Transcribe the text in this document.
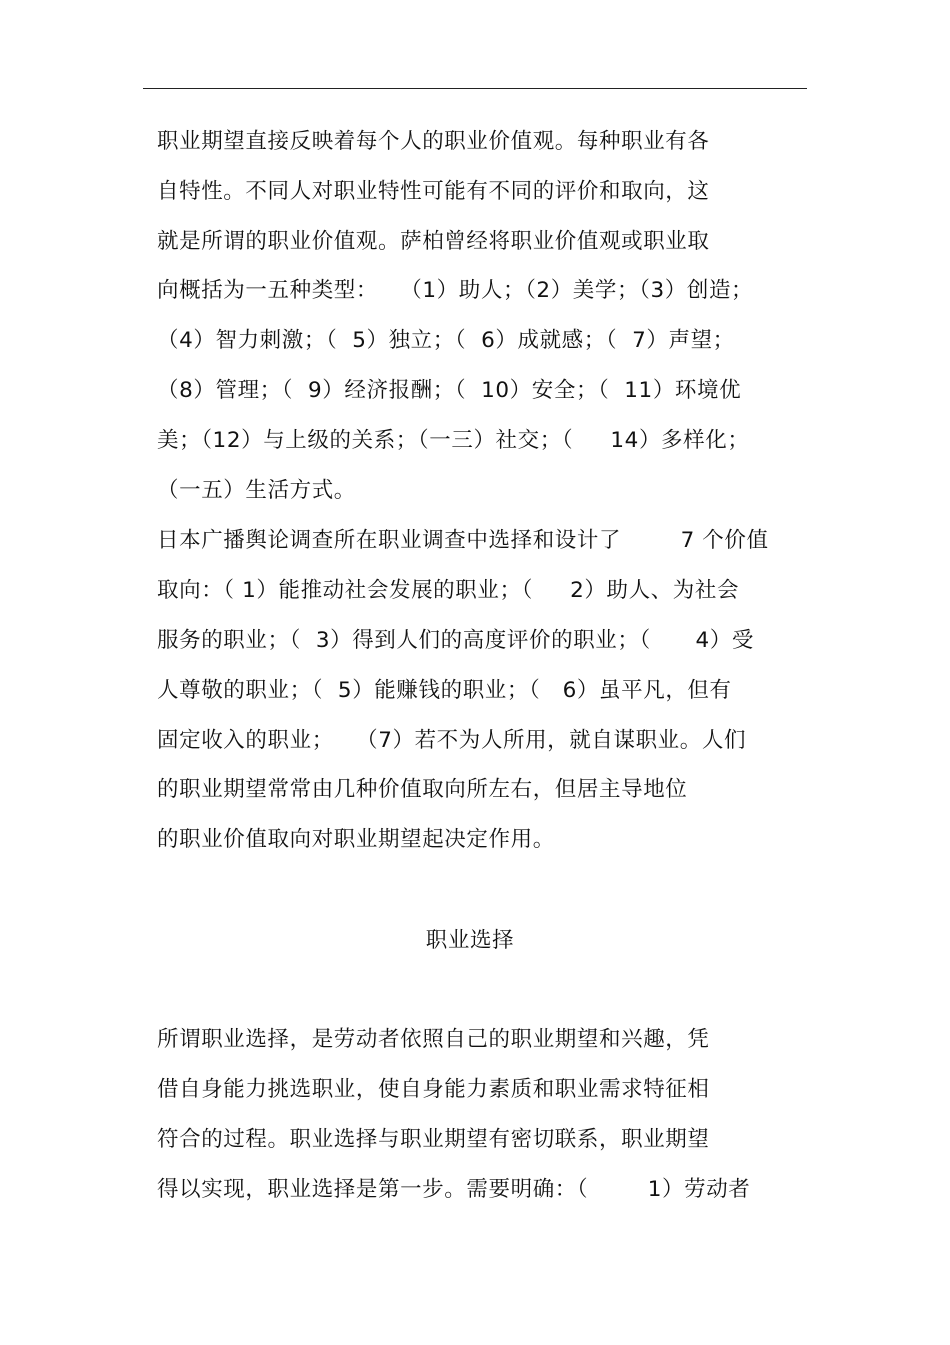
职业期望直接反映着每个人的职业价值观。每种职业有各
自特性。不同人对职业特性可能有不同的评价和取向，这
就是所谓的职业价值观。萨柏曾经将职业价值观或职业取
向概括为一五种类型：   （1）助人；（2）美学；（3）创造；
（4）智力刺激；（  5）独立；（  6）成就感；（  7）声望；
（8）管理；（  9）经济报酬；（  10）安全；（  11）环境优
美；（12）与上级的关系；（一三）社交；（     14）多样化；
（一五）生活方式。
日本广播舆论调查所在职业调查中选择和设计了        7 个价值
取向：（ 1）能推动社会发展的职业；（     2）助人、为社会
服务的职业；（  3）得到人们的高度评价的职业；（      4）受
人尊敬的职业；（  5）能赚钱的职业；（   6）虽平凡，但有
固定收入的职业；   （7）若不为人所用，就自谋职业。人们
的职业期望常常由几种价值取向所左右，但居主导地位
的职业价值取向对职业期望起决定作用。
职业选择
所谓职业选择，是劳动者依照自己的职业期望和兴趣，凭
借自身能力挑选职业，使自身能力素质和职业需求特征相
符合的过程。职业选择与职业期望有密切联系，职业期望
得以实现，职业选择是第一步。需要明确：（        1）劳动者
